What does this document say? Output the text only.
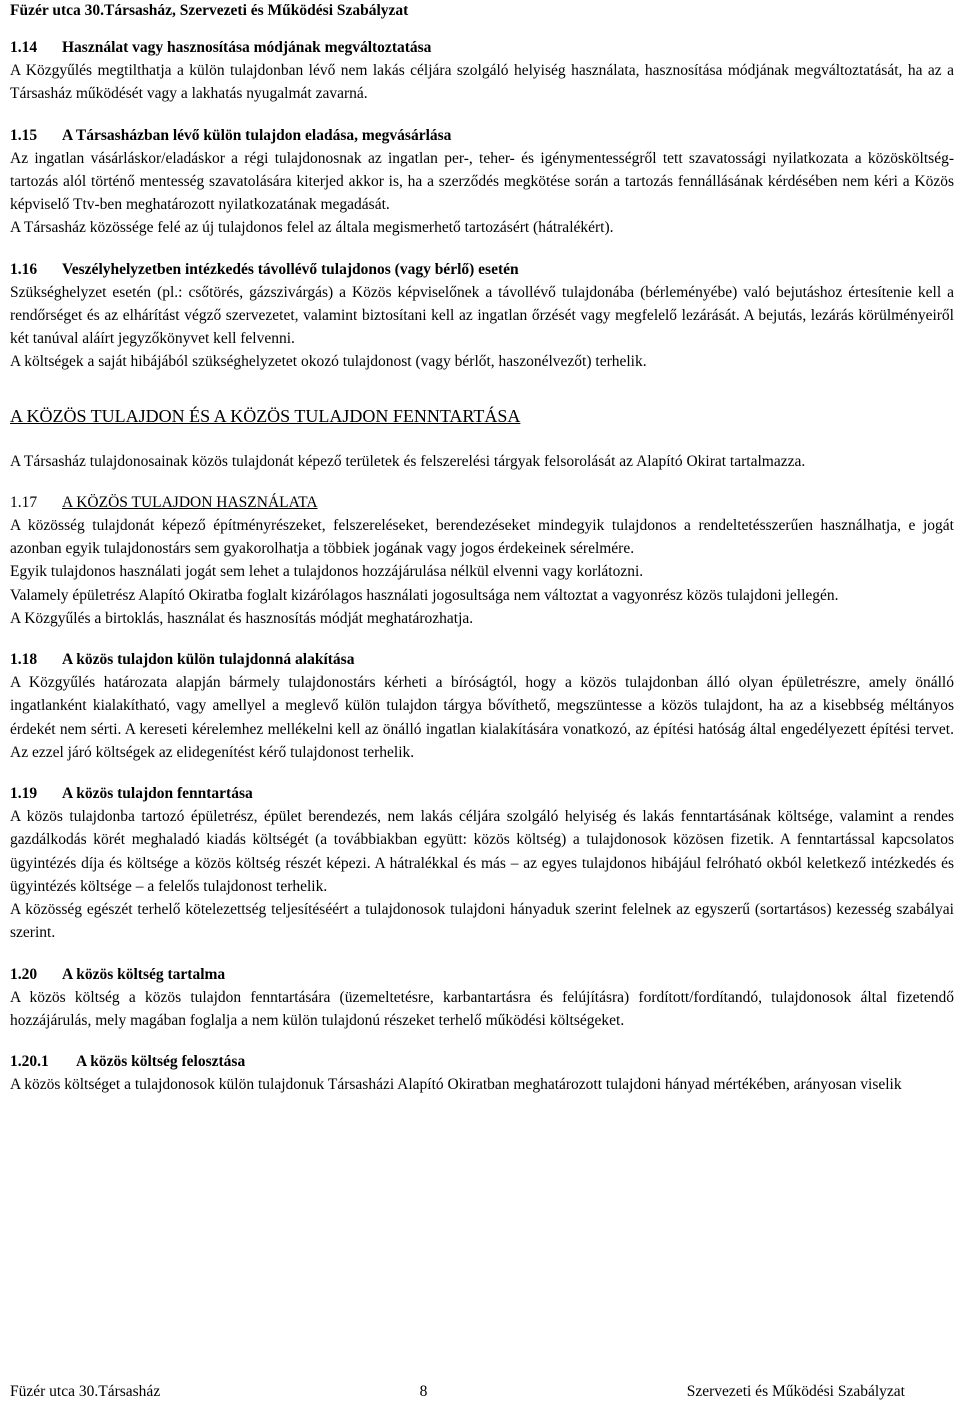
Füzér utca 30.Társasház, Szervezeti és Működési Szabályzat

1.14 Használat vagy hasznosítása módjának megváltoztatása

A Közgyűlés megtilthatja a külön tulajdonban lévő nem lakás céljára szolgáló helyiség használata, hasznosítása módjának megváltoztatását, ha az a Társasház működését vagy a lakhatás nyugalmát zavarná.

1.15 A Társasházban lévő külön tulajdon eladása, megvásárlása

Az ingatlan vásárláskor/eladáskor a régi tulajdonosnak az ingatlan per-, teher- és igénymentességről tett szavatossági nyilatkozata a közösköltség-tartozás alól történő mentesség szavatolására kiterjed akkor is, ha a szerződés megkötése során a tartozás fennállásának kérdésében nem kéri a Közös képviselő Ttv-ben meghatározott nyilatkozatának megadását.

A Társasház közössége felé az új tulajdonos felel az általa megismerhető tartozásért (hátralékért).

1.16 Veszélyhelyzetben intézkedés távollévő tulajdonos (vagy bérlő) esetén

Szükséghelyzet esetén (pl.: csőtörés, gázszivárgás) a Közös képviselőnek a távollévő tulajdonába (bérleményébe) való bejutáshoz értesítenie kell a rendőrséget és az elhárítást végző szervezetet, valamint biztosítani kell az ingatlan őrzését vagy megfelelő lezárását. A bejutás, lezárás körülményeiről két tanúval aláírt jegyzőkönyvet kell felvenni.

A költségek a saját hibájából szükséghelyzetet okozó tulajdonost (vagy bérlőt, haszonélvezőt) terhelik.

A KÖZÖS TULAJDON ÉS A KÖZÖS TULAJDON FENNTARTÁSA

A Társasház tulajdonosainak közös tulajdonát képező területek és felszerelési tárgyak felsorolását az Alapító Okirat tartalmazza.

1.17 A KÖZÖS TULAJDON HASZNÁLATA

A közösség tulajdonát képező építményrészeket, felszereléseket, berendezéseket mindegyik tulajdonos a rendeltetésszerűen használhatja, e jogát azonban egyik tulajdonostárs sem gyakorolhatja a többiek jogának vagy jogos érdekeinek sérelmére.

Egyik tulajdonos használati jogát sem lehet a tulajdonos hozzájárulása nélkül elvenni vagy korlátozni.

Valamely épületrész Alapító Okiratba foglalt kizárólagos használati jogosultsága nem változtat a vagyonrész közös tulajdoni jellegén.

A Közgyűlés a birtoklás, használat és hasznosítás módját meghatározhatja.

1.18 A közös tulajdon külön tulajdonná alakítása

A Közgyűlés határozata alapján bármely tulajdonostárs kérheti a bíróságtól, hogy a közös tulajdonban álló olyan épületrészre, amely önálló ingatlanként kialakítható, vagy amellyel a meglevő külön tulajdon tárgya bővíthető, megszüntesse a közös tulajdont, ha az a kisebbség méltányos érdekét nem sérti. A kereseti kérelemhez mellékelni kell az önálló ingatlan kialakítására vonatkozó, az építési hatóság által engedélyezett építési tervet. Az ezzel járó költségek az elidegenítést kérő tulajdonost terhelik.

1.19 A közös tulajdon fenntartása

A közös tulajdonba tartozó épületrész, épület berendezés, nem lakás céljára szolgáló helyiség és lakás fenntartásának költsége, valamint a rendes gazdálkodás körét meghaladó kiadás költségét (a továbbiakban együtt: közös költség) a tulajdonosok közösen fizetik. A fenntartással kapcsolatos ügyintézés díja és költsége a közös költség részét képezi. A hátralékkal és más – az egyes tulajdonos hibájául felróható okból keletkező intézkedés és ügyintézés költsége – a felelős tulajdonost terhelik.

A közösség egészét terhelő kötelezettség teljesítéséért a tulajdonosok tulajdoni hányaduk szerint felelnek az egyszerű (sortartásos) kezesség szabályai szerint.

1.20 A közös költség tartalma

A közös költség a közös tulajdon fenntartására (üzemeltetésre, karbantartásra és felújításra) fordított/fordítandó, tulajdonosok által fizetendő hozzájárulás, mely magában foglalja a nem külön tulajdonú részeket terhelő működési költségeket.

1.20.1 A közös költség felosztása

A közös költséget a tulajdonosok külön tulajdonuk Társasházi Alapító Okiratban meghatározott tulajdoni hányad mértékében, arányosan viselik

Füzér utca 30.Társasház	8	Szervezeti és Működési Szabályzat
